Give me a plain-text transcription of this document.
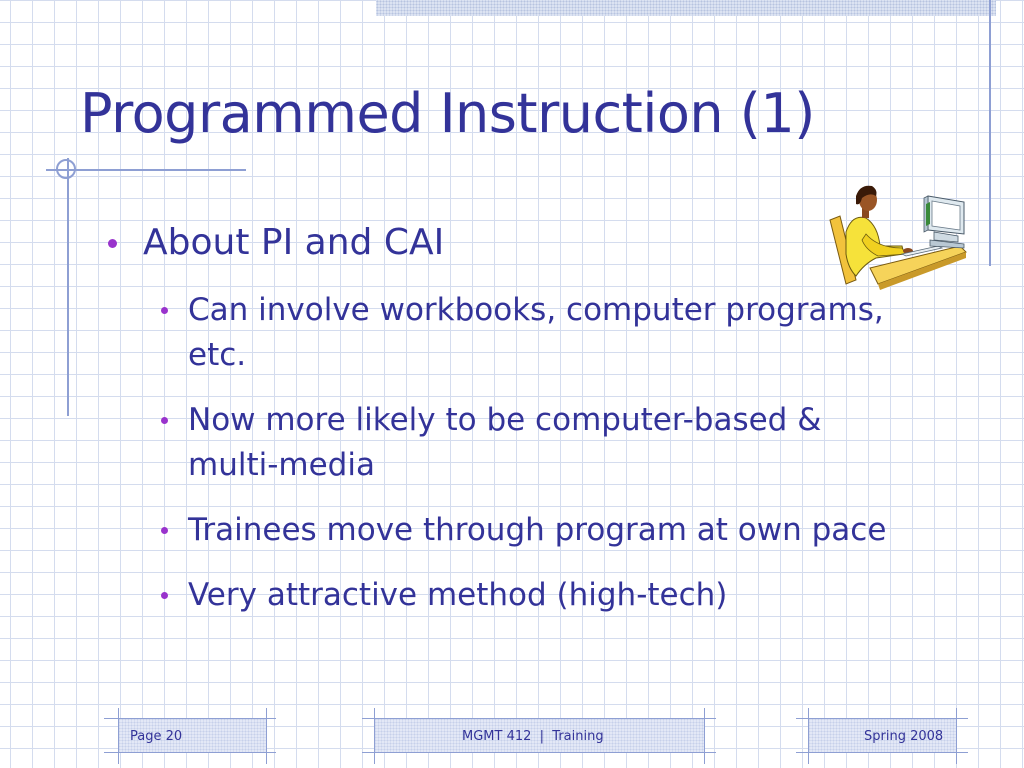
Programmed Instruction (1)
About PI and CAI
Can involve workbooks, computer programs, etc.
Now more likely to be computer-based & multi-media
Trainees move through program at own pace
Very attractive method (high-tech)
Page 20	MGMT 412  |  Training	Spring 2008
